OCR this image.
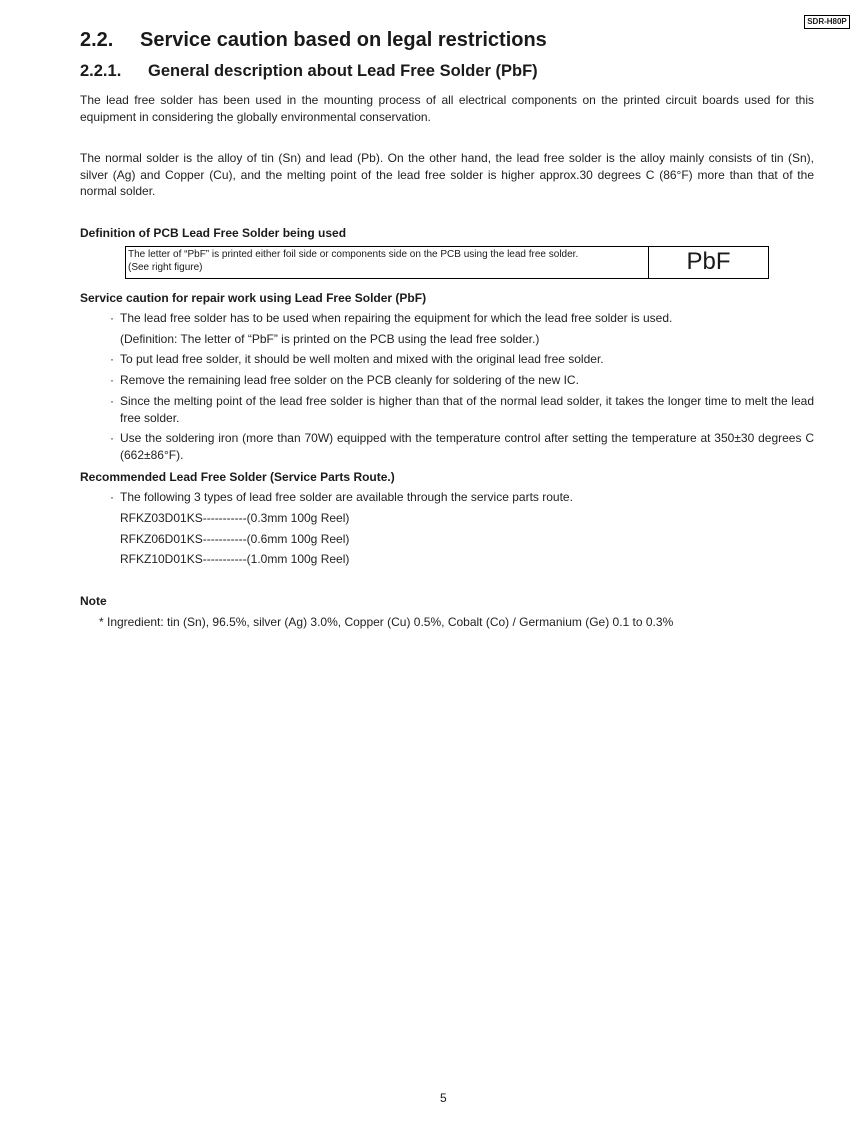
SDR-H80P
2.2. Service caution based on legal restrictions
2.2.1. General description about Lead Free Solder (PbF)

The lead free solder has been used in the mounting process of all electrical components on the printed circuit boards used for this equipment in considering the globally environmental conservation.

The normal solder is the alloy of tin (Sn) and lead (Pb). On the other hand, the lead free solder is the alloy mainly consists of tin (Sn), silver (Ag) and Copper (Cu), and the melting point of the lead free solder is higher approx.30 degrees C (86°F) more than that of the normal solder.

Definition of PCB Lead Free Solder being used
The letter of “PbF” is printed either foil side or components side on the PCB using the lead free solder.
(See right figure)	PbF
Service caution for repair work using Lead Free Solder (PbF)
· The lead free solder has to be used when repairing the equipment for which the lead free solder is used.
(Definition: The letter of “PbF” is printed on the PCB using the lead free solder.)
· To put lead free solder, it should be well molten and mixed with the original lead free solder.
· Remove the remaining lead free solder on the PCB cleanly for soldering of the new IC.
· Since the melting point of the lead free solder is higher than that of the normal lead solder, it takes the longer time to melt the lead free solder.
· Use the soldering iron (more than 70W) equipped with the temperature control after setting the temperature at 350±30 degrees C (662±86°F).
Recommended Lead Free Solder (Service Parts Route.)
· The following 3 types of lead free solder are available through the service parts route.
RFKZ03D01KS-----------(0.3mm 100g Reel)
RFKZ06D01KS-----------(0.6mm 100g Reel)
RFKZ10D01KS-----------(1.0mm 100g Reel)
Note
* Ingredient: tin (Sn), 96.5%, silver (Ag) 3.0%, Copper (Cu) 0.5%, Cobalt (Co) / Germanium (Ge) 0.1 to 0.3%
5
